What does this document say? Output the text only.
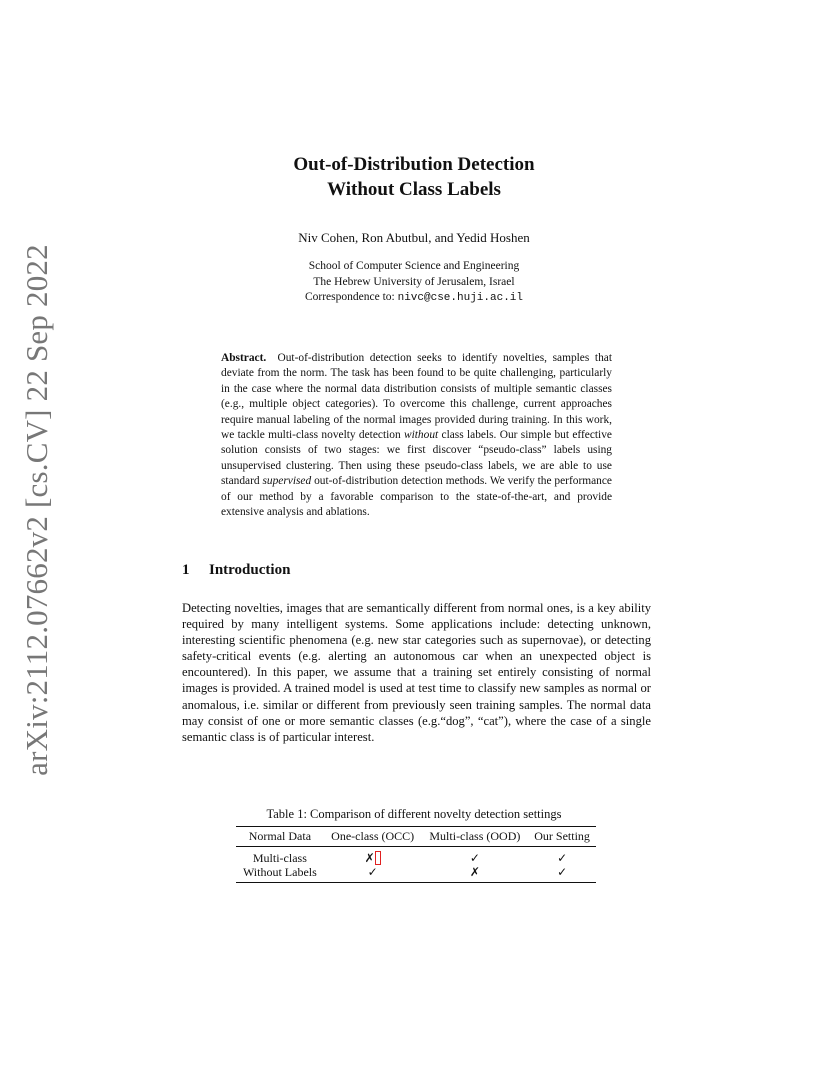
arXiv:2112.07662v2 [cs.CV] 22 Sep 2022
Out-of-Distribution Detection
Without Class Labels
Niv Cohen, Ron Abutbul, and Yedid Hoshen
School of Computer Science and Engineering
The Hebrew University of Jerusalem, Israel
Correspondence to: nivc@cse.huji.ac.il
Abstract. Out-of-distribution detection seeks to identify novelties, samples that deviate from the norm. The task has been found to be quite challenging, particularly in the case where the normal data distribution consists of multiple semantic classes (e.g., multiple object categories). To overcome this challenge, current approaches require manual labeling of the normal images provided during training. In this work, we tackle multi-class novelty detection without class labels. Our simple but effective solution consists of two stages: we first discover “pseudo-class” labels using unsupervised clustering. Then using these pseudo-class labels, we are able to use standard supervised out-of-distribution detection methods. We verify the performance of our method by a favorable comparison to the state-of-the-art, and provide extensive analysis and ablations.
1 Introduction
Detecting novelties, images that are semantically different from normal ones, is a key ability required by many intelligent systems. Some applications include: detecting unknown, interesting scientific phenomena (e.g. new star categories such as supernovae), or detecting safety-critical events (e.g. alerting an autonomous car when an unexpected object is encountered). In this paper, we assume that a training set entirely consisting of normal images is provided. A trained model is used at test time to classify new samples as normal or anomalous, i.e. similar or different from previously seen training samples. The normal data may consist of one or more semantic classes (e.g.“dog”, “cat”), where the case of a single semantic class is of particular interest.
Table 1: Comparison of different novelty detection settings
Normal Data	One-class (OCC)	Multi-class (OOD)	Our Setting
Multi-class	✗	✓	✓
Without Labels	✓	✗	✓
